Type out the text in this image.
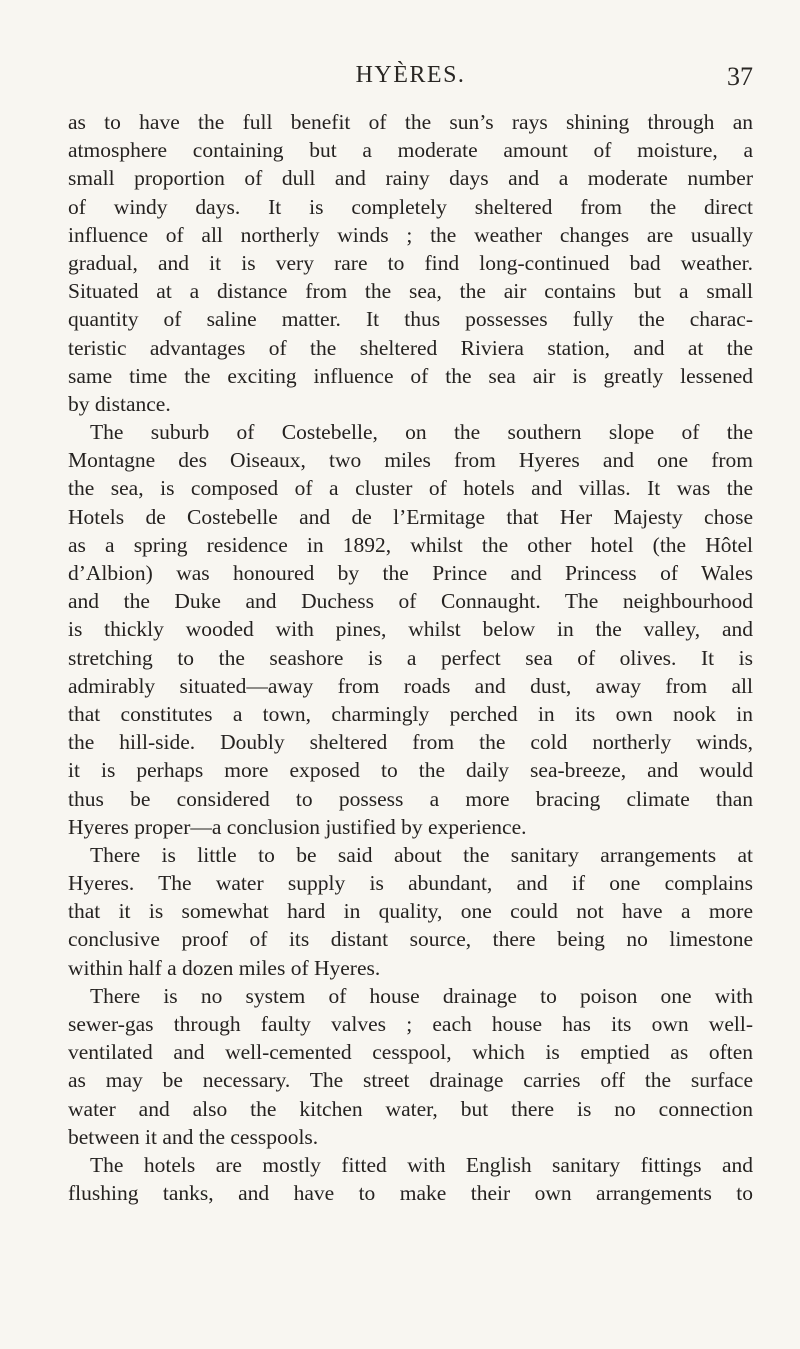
HYÈRES.	37
as to have the full benefit of the sun’s rays shining through an
atmosphere containing but a moderate amount of moisture, a
small proportion of dull and rainy days and a moderate number
of windy days. It is completely sheltered from the direct
influence of all northerly winds ; the weather changes are usually
gradual, and it is very rare to find long-continued bad weather.
Situated at a distance from the sea, the air contains but a small
quantity of saline matter. It thus possesses fully the charac-
teristic advantages of the sheltered Riviera station, and at the
same time the exciting influence of the sea air is greatly lessened
by distance.
The suburb of Costebelle, on the southern slope of the
Montagne des Oiseaux, two miles from Hyeres and one from
the sea, is composed of a cluster of hotels and villas. It was the
Hotels de Costebelle and de l’Ermitage that Her Majesty chose
as a spring residence in 1892, whilst the other hotel (the Hôtel
d’Albion) was honoured by the Prince and Princess of Wales
and the Duke and Duchess of Connaught. The neighbourhood
is thickly wooded with pines, whilst below in the valley, and
stretching to the seashore is a perfect sea of olives. It is
admirably situated—away from roads and dust, away from all
that constitutes a town, charmingly perched in its own nook in
the hill-side. Doubly sheltered from the cold northerly winds,
it is perhaps more exposed to the daily sea-breeze, and would
thus be considered to possess a more bracing climate than
Hyeres proper—a conclusion justified by experience.
There is little to be said about the sanitary arrangements at
Hyeres. The water supply is abundant, and if one complains
that it is somewhat hard in quality, one could not have a more
conclusive proof of its distant source, there being no limestone
within half a dozen miles of Hyeres.
There is no system of house drainage to poison one with
sewer-gas through faulty valves ; each house has its own well-
ventilated and well-cemented cesspool, which is emptied as often
as may be necessary. The street drainage carries off the surface
water and also the kitchen water, but there is no connection
between it and the cesspools.
The hotels are mostly fitted with English sanitary fittings and
flushing tanks, and have to make their own arrangements to
